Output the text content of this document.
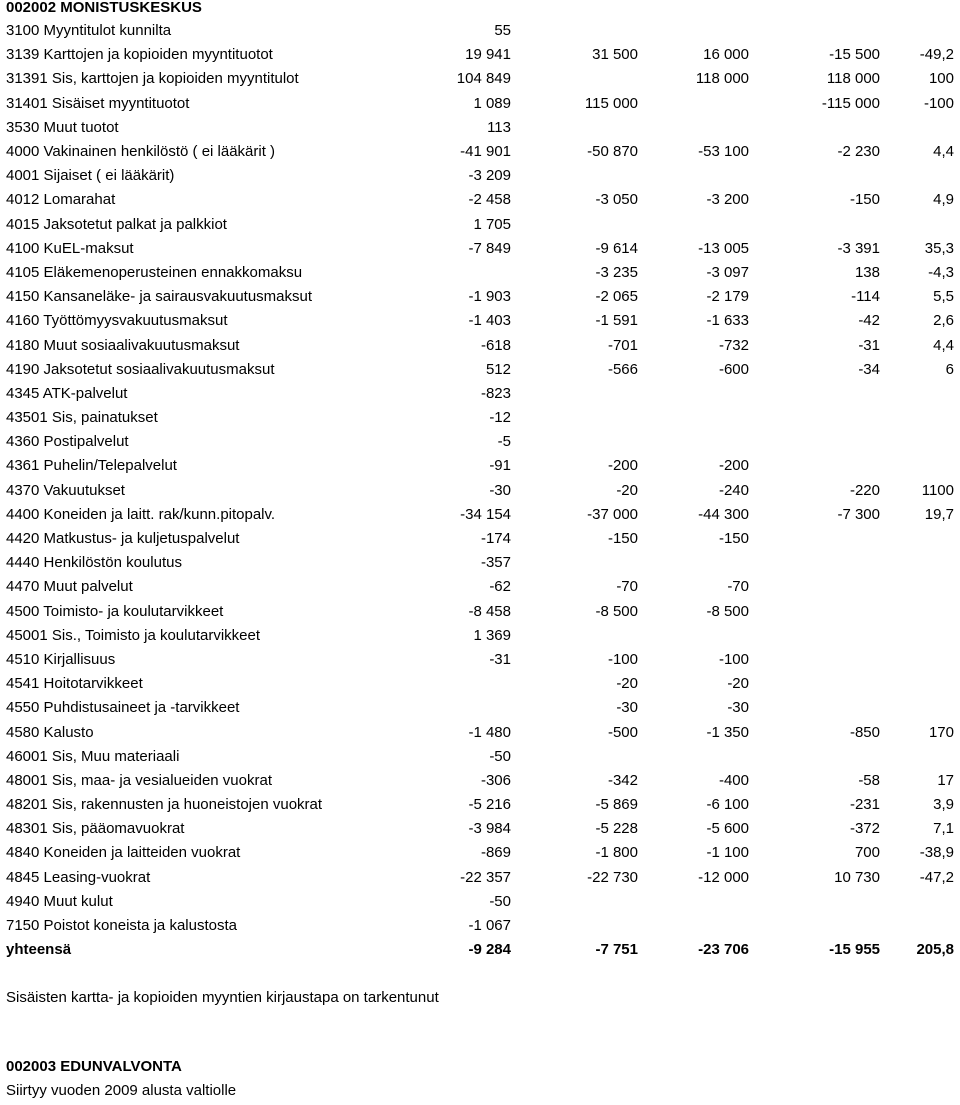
002002 MONISTUSKESKUS
3100 Myyntitulot kunnilta	55				
3139 Karttojen ja kopioiden myyntituotot	19 941	31 500	16 000	-15 500	-49,2
31391 Sis, karttojen ja kopioiden myyntitulot	104 849		118 000	118 000	100
31401 Sisäiset myyntituotot	1 089	115 000		-115 000	-100
3530 Muut tuotot	113				
4000 Vakinainen henkilöstö ( ei lääkärit )	-41 901	-50 870	-53 100	-2 230	4,4
4001 Sijaiset ( ei lääkärit)	-3 209				
4012 Lomarahat	-2 458	-3 050	-3 200	-150	4,9
4015 Jaksotetut palkat ja palkkiot	1 705				
4100 KuEL-maksut	-7 849	-9 614	-13 005	-3 391	35,3
4105 Eläkemenoperusteinen ennakkomaksu		-3 235	-3 097	138	-4,3
4150 Kansaneläke- ja sairausvakuutusmaksut	-1 903	-2 065	-2 179	-114	5,5
4160 Työttömyysvakuutusmaksut	-1 403	-1 591	-1 633	-42	2,6
4180 Muut sosiaalivakuutusmaksut	-618	-701	-732	-31	4,4
4190 Jaksotetut sosiaalivakuutusmaksut	512	-566	-600	-34	6
4345 ATK-palvelut	-823				
43501 Sis, painatukset	-12				
4360 Postipalvelut	-5				
4361 Puhelin/Telepalvelut	-91	-200	-200		
4370 Vakuutukset	-30	-20	-240	-220	1100
4400 Koneiden ja laitt. rak/kunn.pitopalv.	-34 154	-37 000	-44 300	-7 300	19,7
4420 Matkustus- ja kuljetuspalvelut	-174	-150	-150		
4440 Henkilöstön koulutus	-357				
4470 Muut palvelut	-62	-70	-70		
4500 Toimisto- ja koulutarvikkeet	-8 458	-8 500	-8 500		
45001 Sis., Toimisto ja koulutarvikkeet	1 369				
4510 Kirjallisuus	-31	-100	-100		
4541 Hoitotarvikkeet		-20	-20		
4550 Puhdistusaineet ja -tarvikkeet		-30	-30		
4580 Kalusto	-1 480	-500	-1 350	-850	170
46001 Sis, Muu materiaali	-50				
48001 Sis, maa- ja vesialueiden vuokrat	-306	-342	-400	-58	17
48201 Sis, rakennusten ja huoneistojen vuokrat	-5 216	-5 869	-6 100	-231	3,9
48301 Sis, pääomavuokrat	-3 984	-5 228	-5 600	-372	7,1
4840 Koneiden ja laitteiden vuokrat	-869	-1 800	-1 100	700	-38,9
4845 Leasing-vuokrat	-22 357	-22 730	-12 000	10 730	-47,2
4940 Muut kulut	-50				
7150 Poistot koneista ja kalustosta	-1 067				
yhteensä	-9 284	-7 751	-23 706	-15 955	205,8
Sisäisten kartta- ja kopioiden myyntien kirjaustapa on tarkentunut
002003 EDUNVALVONTA
Siirtyy vuoden 2009 alusta valtiolle
